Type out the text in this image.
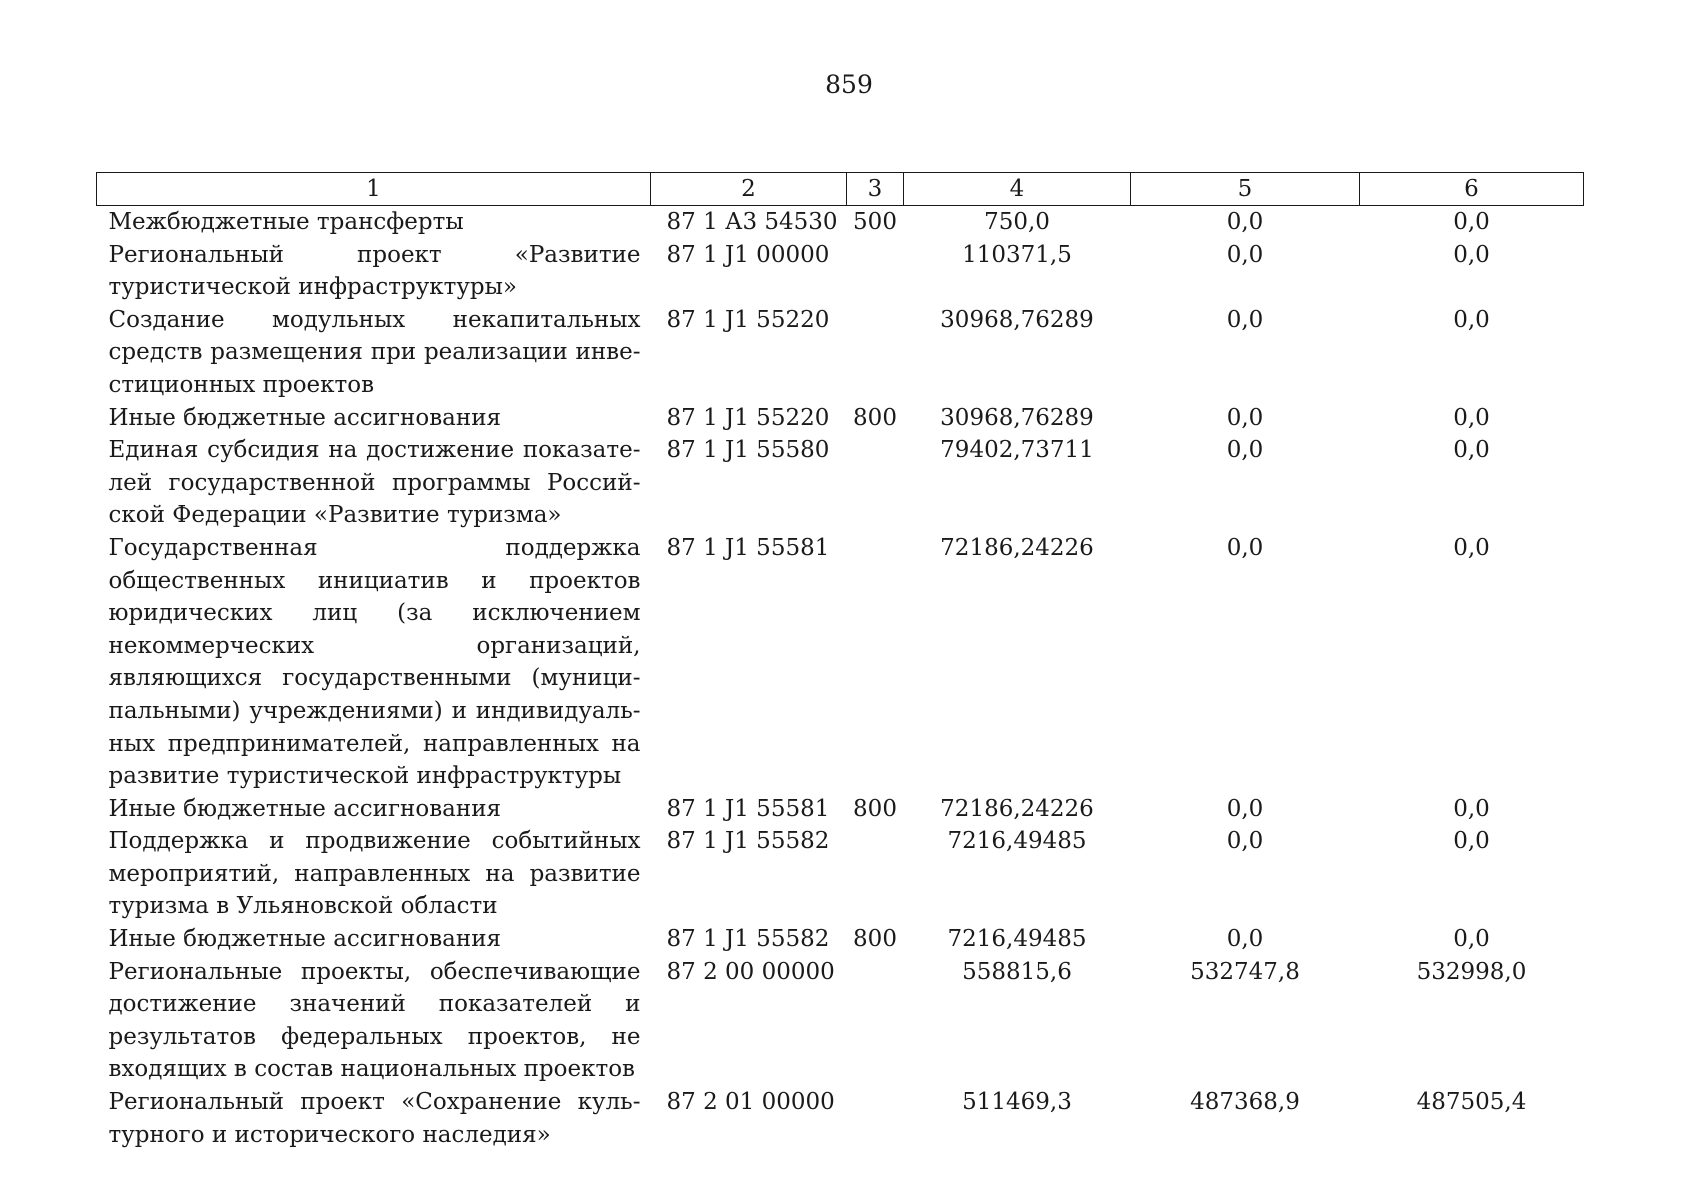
859
1	2	3	4	5	6
Межбюджетные трансферты	87 1 А3 54530	500	750,0	0,0	0,0
Региональный проект «Развитие туристической инфраструктуры»	87 1 J1 00000		110371,5	0,0	0,0
Создание модульных некапитальных средств размещения при реализации инвестиционных проектов	87 1 J1 55220		30968,76289	0,0	0,0
Иные бюджетные ассигнования	87 1 J1 55220	800	30968,76289	0,0	0,0
Единая субсидия на достижение показателей государственной программы Российской Федерации «Развитие туризма»	87 1 J1 55580		79402,73711	0,0	0,0
Государственная поддержка общественных инициатив и проектов юридических лиц (за исключением некоммерческих организаций, являющихся государственными (муниципальными) учреждениями) и индивидуальных предпринимателей, направленных на развитие туристической инфраструктуры	87 1 J1 55581		72186,24226	0,0	0,0
Иные бюджетные ассигнования	87 1 J1 55581	800	72186,24226	0,0	0,0
Поддержка и продвижение событийных мероприятий, направленных на развитие туризма в Ульяновской области	87 1 J1 55582		7216,49485	0,0	0,0
Иные бюджетные ассигнования	87 1 J1 55582	800	7216,49485	0,0	0,0
Региональные проекты, обеспечивающие достижение значений показателей и результатов федеральных проектов, не входящих в состав национальных проектов	87 2 00 00000		558815,6	532747,8	532998,0
Региональный проект «Сохранение культурного и исторического наследия»	87 2 01 00000		511469,3	487368,9	487505,4
